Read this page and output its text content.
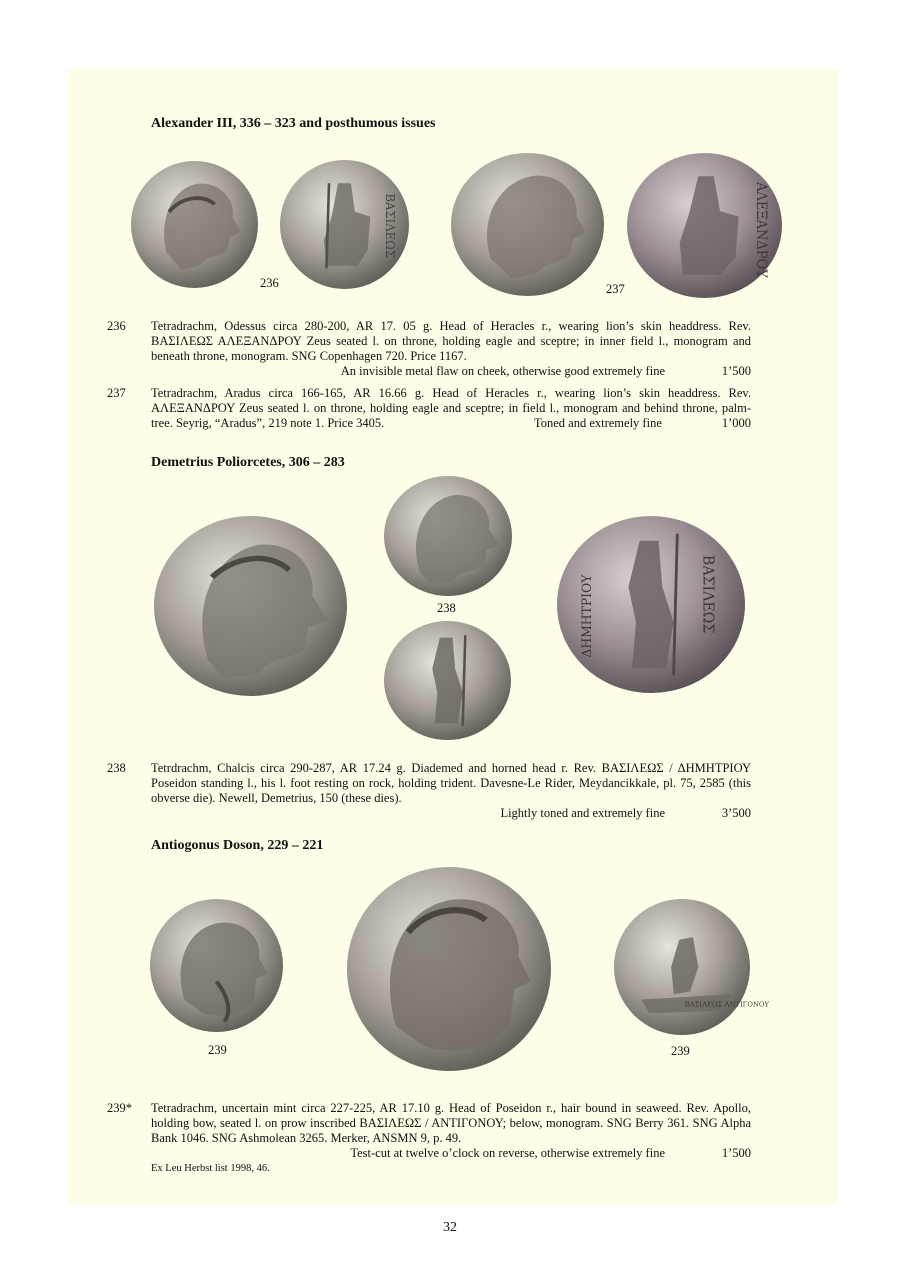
Alexander III, 336 – 323 and posthumous issues
ΒΑΣΙΛΕΩΣ
236
ΑΛΕΞΑΝΔΡΟΥ
237
236 Tetradrachm, Odessus circa 280-200, AR 17. 05 g. Head of Heracles r., wearing lion’s skin headdress. Rev. ΒΑΣΙΛΕΩΣ ΑΛΕΞΑΝΔΡΟΥ Zeus seated l. on throne, holding eagle and sceptre; in inner field l., monogram and beneath throne, monogram. SNG Copenhagen 720. Price 1167.

An invisible metal flaw on cheek, otherwise good extremely fine	1’500
237 Tetradrachm, Aradus circa 166-165, AR 16.66 g. Head of Heracles r., wearing lion’s skin headdress. Rev. ΑΛΕΞΑΝΔΡΟΥ Zeus seated l. on throne, holding eagle and sceptre; in field l., monogram and behind throne, palm-tree. Seyrig, “Aradus”, 219 note 1. Price 3405.	Toned and extremely fine	1’000
Demetrius Poliorcetes, 306 – 283
238	ΔΗΜΗΤΡΙΟΥ	ΒΑΣΙΛΕΩΣ
238 Tetrdrachm, Chalcis circa 290-287, AR 17.24 g. Diademed and horned head r. Rev. ΒΑΣΙΛΕΩΣ / ΔΗΜΗΤΡΙΟΥ Poseidon standing l., his l. foot resting on rock, holding trident. Davesne-Le Rider, Meydancikkale, pl. 75, 2585 (this obverse die). Newell, Demetrius, 150 (these dies).

Lightly toned and extremely fine	3’500
Antiogonus Doson, 229 – 221
239
ΒΑΣΙΛΕΩΣ ΑΝΤΙΓΟΝΟΥ
239
239* Tetradrachm, uncertain mint circa 227-225, AR 17.10 g. Head of Poseidon r., hair bound in seaweed. Rev. Apollo, holding bow, seated l. on prow inscribed ΒΑΣΙΛΕΩΣ / ΑΝΤΙΓΟΝΟΥ; below, monogram. SNG Berry 361. SNG Alpha Bank 1046. SNG Ashmolean 3265. Merker, ANSMN 9, p. 49.

Test-cut at twelve o’clock on reverse, otherwise extremely fine	1’500

Ex Leu Herbst list 1998, 46.

32
